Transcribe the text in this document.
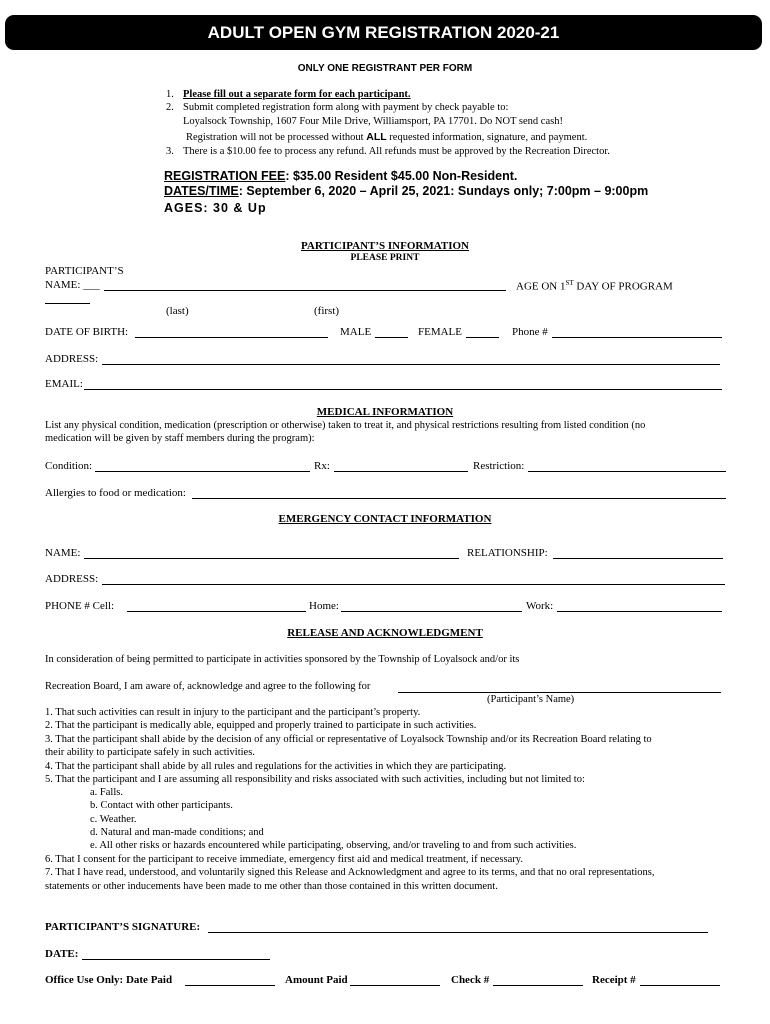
ADULT OPEN GYM REGISTRATION 2020-21
ONLY ONE REGISTRANT PER FORM
1. Please fill out a separate form for each participant.
2. Submit completed registration form along with payment by check payable to:
Loyalsock Township, 1607 Four Mile Drive, Williamsport, PA 17701. Do NOT send cash!
Registration will not be processed without ALL requested information, signature, and payment.
3. There is a $10.00 fee to process any refund. All refunds must be approved by the Recreation Director.
REGISTRATION FEE: $35.00 Resident $45.00 Non-Resident.
DATES/TIME: September 6, 2020 – April 25, 2021: Sundays only; 7:00pm – 9:00pm
AGES: 30 & Up
PARTICIPANT’S INFORMATION
PLEASE PRINT
PARTICIPANT’S
NAME: ___	AGE ON 1ST DAY OF PROGRAM
(last)	(first)
DATE OF BIRTH:	MALE	FEMALE	Phone #
ADDRESS:
EMAIL:
MEDICAL INFORMATION
List any physical condition, medication (prescription or otherwise) taken to treat it, and physical restrictions resulting from listed condition (no
medication will be given by staff members during the program):
Condition:	Rx:	Restriction:
Allergies to food or medication:
EMERGENCY CONTACT INFORMATION
NAME:	RELATIONSHIP:
ADDRESS:
PHONE # Cell:	Home:	Work:
RELEASE AND ACKNOWLEDGMENT
In consideration of being permitted to participate in activities sponsored by the Township of Loyalsock and/or its
Recreation Board, I am aware of, acknowledge and agree to the following for
(Participant’s Name)
1. That such activities can result in injury to the participant and the participant’s property.
2. That the participant is medically able, equipped and properly trained to participate in such activities.
3. That the participant shall abide by the decision of any official or representative of Loyalsock Township and/or its Recreation Board relating to
their ability to participate safely in such activities.
4. That the participant shall abide by all rules and regulations for the activities in which they are participating.
5. That the participant and I are assuming all responsibility and risks associated with such activities, including but not limited to:
a. Falls.
b. Contact with other participants.
c. Weather.
d. Natural and man-made conditions; and
e. All other risks or hazards encountered while participating, observing, and/or traveling to and from such activities.
6. That I consent for the participant to receive immediate, emergency first aid and medical treatment, if necessary.
7. That I have read, understood, and voluntarily signed this Release and Acknowledgment and agree to its terms, and that no oral representations,
statements or other inducements have been made to me other than those contained in this written document.
PARTICIPANT’S SIGNATURE:
DATE:
Office Use Only: Date Paid	Amount Paid	Check #	Receipt #
